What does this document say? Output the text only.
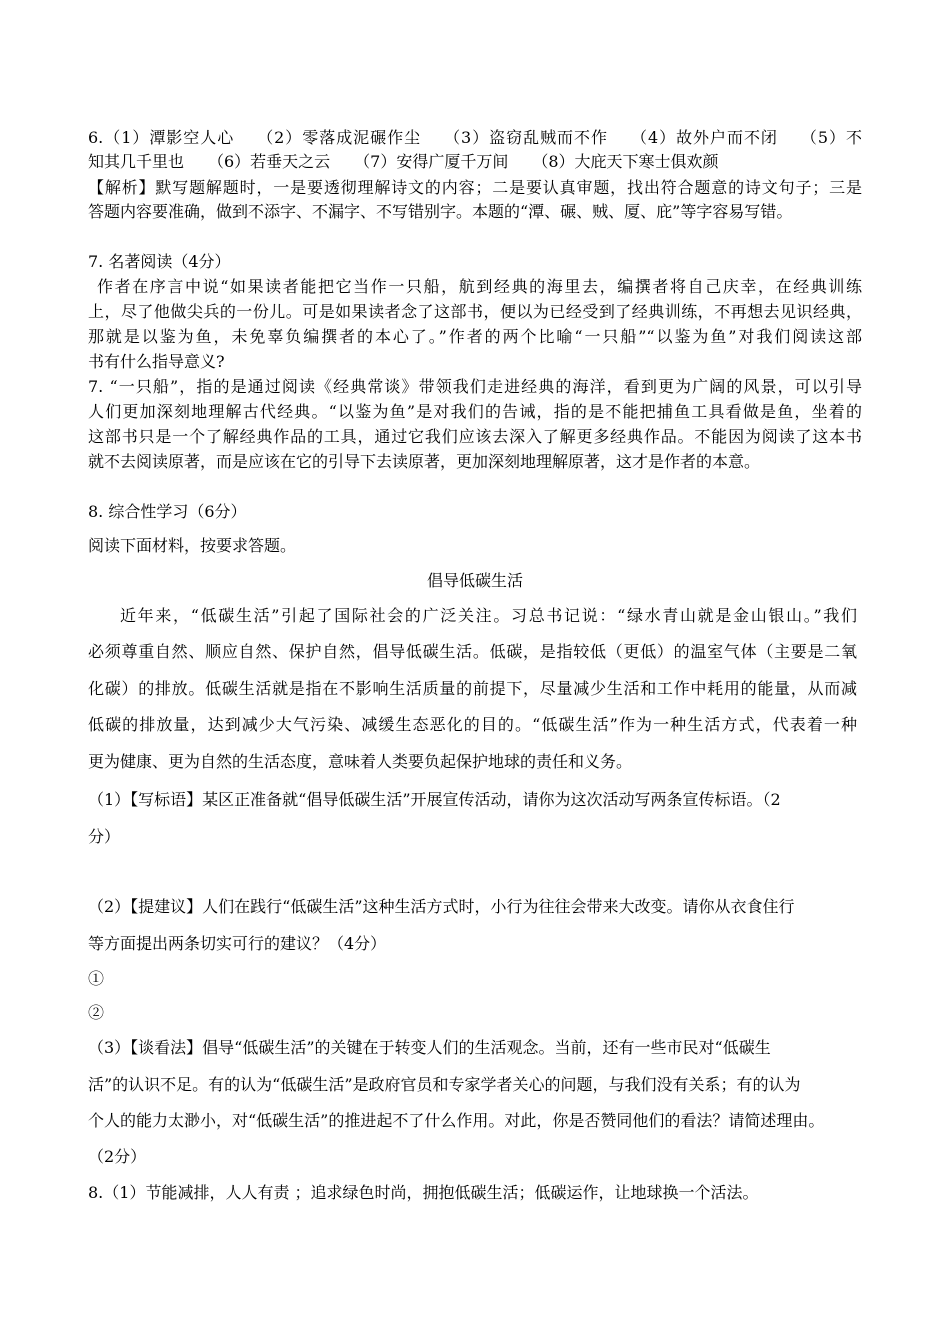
6.（1）潭影空人心　 （2）零落成泥碾作尘　 （3）盗窃乱贼而不作　 （4）故外户而不闭　 （5）不
知其几千里也　　（6）若垂天之云　　（7）安得广厦千万间　　（8）大庇天下寒士俱欢颜
【解析】默写题解题时，一是要透彻理解诗文的内容；二是要认真审题，找出符合题意的诗文句子；三是
答题内容要准确，做到不添字、不漏字、不写错别字。本题的“潭、碾、贼、厦、庇”等字容易写错。
7. 名著阅读（4分）
作者在序言中说“如果读者能把它当作一只船，航到经典的海里去，编撰者将自己庆幸，在经典训练
上，尽了他做尖兵的一份儿。可是如果读者念了这部书，便以为已经受到了经典训练，不再想去见识经典，
那就是以鉴为鱼，未免辜负编撰者的本心了。”作者的两个比喻“一只船”“以鉴为鱼”对我们阅读这部
书有什么指导意义?
7. “一只船”，指的是通过阅读《经典常谈》带领我们走进经典的海洋，看到更为广阔的风景，可以引导
人们更加深刻地理解古代经典。“以鉴为鱼”是对我们的告诫，指的是不能把捕鱼工具看做是鱼，坐着的
这部书只是一个了解经典作品的工具，通过它我们应该去深入了解更多经典作品。不能因为阅读了这本书
就不去阅读原著，而是应该在它的引导下去读原著，更加深刻地理解原著，这才是作者的本意。
8. 综合性学习（6分）
阅读下面材料，按要求答题。
倡导低碳生活
近年来，“低碳生活”引起了国际社会的广泛关注。习总书记说：“绿水青山就是金山银山。”我们
必须尊重自然、顺应自然、保护自然，倡导低碳生活。低碳，是指较低（更低）的温室气体（主要是二氧
化碳）的排放。低碳生活就是指在不影响生活质量的前提下，尽量减少生活和工作中耗用的能量，从而减
低碳的排放量，达到减少大气污染、减缓生态恶化的目的。“低碳生活”作为一种生活方式，代表着一种
更为健康、更为自然的生活态度，意味着人类要负起保护地球的责任和义务。
（1）【写标语】某区正准备就“倡导低碳生活”开展宣传活动，请你为这次活动写两条宣传标语。（2
分）
（2）【提建议】人们在践行“低碳生活”这种生活方式时，小行为往往会带来大改变。请你从衣食住行
等方面提出两条切实可行的建议？（4分）
①
②
（3）【谈看法】倡导“低碳生活”的关键在于转变人们的生活观念。当前，还有一些市民对“低碳生
活”的认识不足。有的认为“低碳生活”是政府官员和专家学者关心的问题，与我们没有关系；有的认为
个人的能力太渺小，对“低碳生活”的推进起不了什么作用。对此，你是否赞同他们的看法？请简述理由。
（2分）
8.（1）节能减排，人人有责 ；追求绿色时尚，拥抱低碳生活；低碳运作，让地球换一个活法。
